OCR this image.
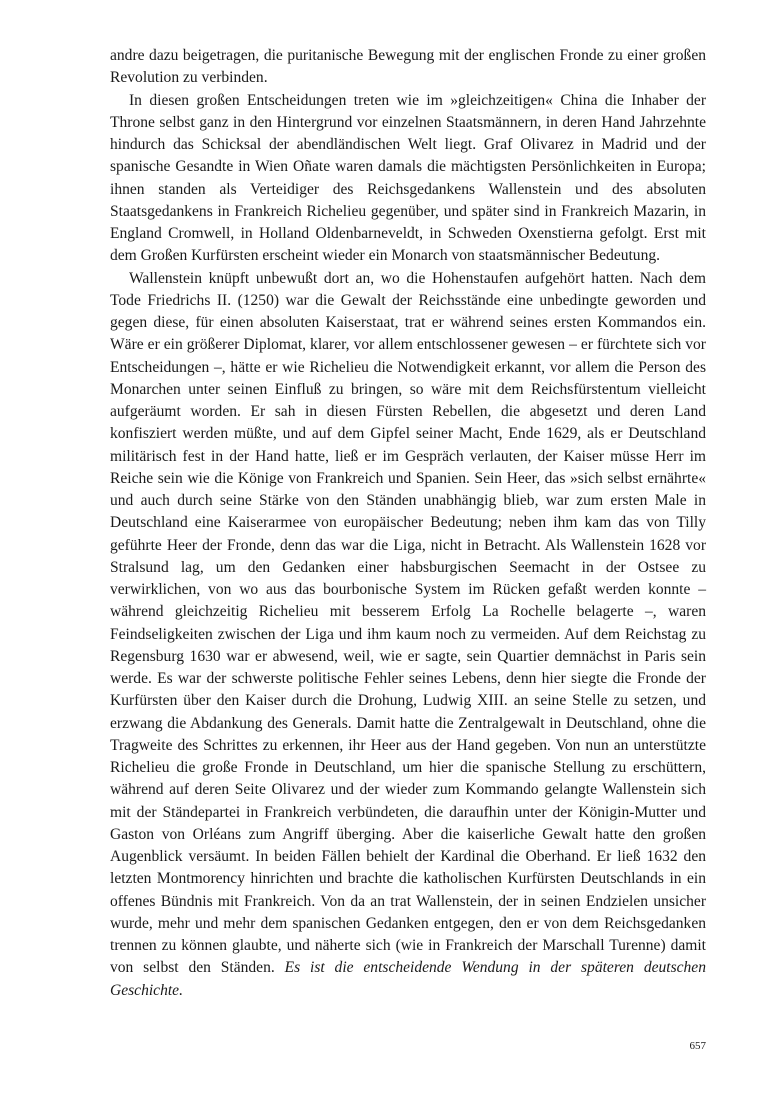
andre dazu beigetragen, die puritanische Bewegung mit der englischen Fronde zu einer großen Revolution zu verbinden.

In diesen großen Entscheidungen treten wie im »gleichzeitigen« China die Inhaber der Throne selbst ganz in den Hintergrund vor einzelnen Staatsmännern, in deren Hand Jahrzehnte hindurch das Schicksal der abendländischen Welt liegt. Graf Olivarez in Madrid und der spanische Gesandte in Wien Oñate waren damals die mächtigsten Persönlichkeiten in Europa; ihnen standen als Verteidiger des Reichsgedankens Wallenstein und des absoluten Staatsgedankens in Frankreich Richelieu gegenüber, und später sind in Frankreich Mazarin, in England Cromwell, in Holland Oldenbarneveldt, in Schweden Oxenstierna gefolgt. Erst mit dem Großen Kurfürsten erscheint wieder ein Monarch von staatsmännischer Bedeutung.

Wallenstein knüpft unbewußt dort an, wo die Hohenstaufen aufgehört hatten. Nach dem Tode Friedrichs II. (1250) war die Gewalt der Reichsstände eine unbedingte geworden und gegen diese, für einen absoluten Kaiserstaat, trat er während seines ersten Kommandos ein. Wäre er ein größerer Diplomat, klarer, vor allem entschlossener gewesen – er fürchtete sich vor Entscheidungen –, hätte er wie Richelieu die Notwendigkeit erkannt, vor allem die Person des Monarchen unter seinen Einfluß zu bringen, so wäre mit dem Reichsfürstentum vielleicht aufgeräumt worden. Er sah in diesen Fürsten Rebellen, die abgesetzt und deren Land konfisziert werden müßte, und auf dem Gipfel seiner Macht, Ende 1629, als er Deutschland militärisch fest in der Hand hatte, ließ er im Gespräch verlauten, der Kaiser müsse Herr im Reiche sein wie die Könige von Frankreich und Spanien. Sein Heer, das »sich selbst ernährte« und auch durch seine Stärke von den Ständen unabhängig blieb, war zum ersten Male in Deutschland eine Kaiserarmee von europäischer Bedeutung; neben ihm kam das von Tilly geführte Heer der Fronde, denn das war die Liga, nicht in Betracht. Als Wallenstein 1628 vor Stralsund lag, um den Gedanken einer habsburgischen Seemacht in der Ostsee zu verwirklichen, von wo aus das bourbonische System im Rücken gefaßt werden konnte – während gleichzeitig Richelieu mit besserem Erfolg La Rochelle belagerte –, waren Feindseligkeiten zwischen der Liga und ihm kaum noch zu vermeiden. Auf dem Reichstag zu Regensburg 1630 war er abwesend, weil, wie er sagte, sein Quartier demnächst in Paris sein werde. Es war der schwerste politische Fehler seines Lebens, denn hier siegte die Fronde der Kurfürsten über den Kaiser durch die Drohung, Ludwig XIII. an seine Stelle zu setzen, und erzwang die Abdankung des Generals. Damit hatte die Zentralgewalt in Deutschland, ohne die Tragweite des Schrittes zu erkennen, ihr Heer aus der Hand gegeben. Von nun an unterstützte Richelieu die große Fronde in Deutschland, um hier die spanische Stellung zu erschüttern, während auf deren Seite Olivarez und der wieder zum Kommando gelangte Wallenstein sich mit der Ständepartei in Frankreich verbündeten, die daraufhin unter der Königin-Mutter und Gaston von Orléans zum Angriff überging. Aber die kaiserliche Gewalt hatte den großen Augenblick versäumt. In beiden Fällen behielt der Kardinal die Oberhand. Er ließ 1632 den letzten Montmorency hinrichten und brachte die katholischen Kurfürsten Deutschlands in ein offenes Bündnis mit Frankreich. Von da an trat Wallenstein, der in seinen Endzielen unsicher wurde, mehr und mehr dem spanischen Gedanken entgegen, den er von dem Reichsgedanken trennen zu können glaubte, und näherte sich (wie in Frankreich der Marschall Turenne) damit von selbst den Ständen. Es ist die entscheidende Wendung in der späteren deutschen Geschichte.

657
